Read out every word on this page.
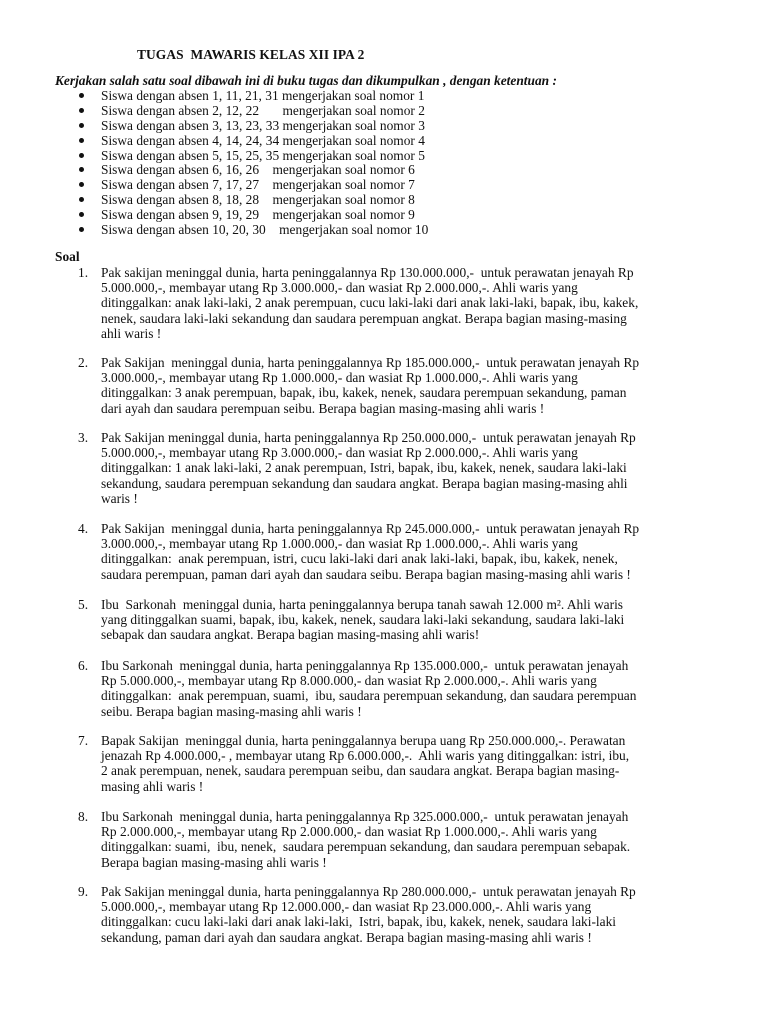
TUGAS  MAWARIS KELAS XII IPA 2
Kerjakan salah satu soal dibawah ini di buku tugas dan dikumpulkan , dengan ketentuan :
Siswa dengan absen 1, 11, 21, 31 mengerjakan soal nomor 1
Siswa dengan absen 2, 12, 22       mengerjakan soal nomor 2
Siswa dengan absen 3, 13, 23, 33 mengerjakan soal nomor 3
Siswa dengan absen 4, 14, 24, 34 mengerjakan soal nomor 4
Siswa dengan absen 5, 15, 25, 35 mengerjakan soal nomor 5
Siswa dengan absen 6, 16, 26    mengerjakan soal nomor 6
Siswa dengan absen 7, 17, 27    mengerjakan soal nomor 7
Siswa dengan absen 8, 18, 28    mengerjakan soal nomor 8
Siswa dengan absen 9, 19, 29    mengerjakan soal nomor 9
Siswa dengan absen 10, 20, 30    mengerjakan soal nomor 10
Soal
1. Pak sakijan meninggal dunia, harta peninggalannya Rp 130.000.000,-  untuk perawatan jenayah Rp
5.000.000,-, membayar utang Rp 3.000.000,- dan wasiat Rp 2.000.000,-. Ahli waris yang
ditinggalkan: anak laki-laki, 2 anak perempuan, cucu laki-laki dari anak laki-laki, bapak, ibu, kakek,
nenek, saudara laki-laki sekandung dan saudara perempuan angkat. Berapa bagian masing-masing
ahli waris !
2. Pak Sakijan  meninggal dunia, harta peninggalannya Rp 185.000.000,-  untuk perawatan jenayah Rp
3.000.000,-, membayar utang Rp 1.000.000,- dan wasiat Rp 1.000.000,-. Ahli waris yang
ditinggalkan: 3 anak perempuan, bapak, ibu, kakek, nenek, saudara perempuan sekandung, paman
dari ayah dan saudara perempuan seibu. Berapa bagian masing-masing ahli waris !
3. Pak Sakijan meninggal dunia, harta peninggalannya Rp 250.000.000,-  untuk perawatan jenayah Rp
5.000.000,-, membayar utang Rp 3.000.000,- dan wasiat Rp 2.000.000,-. Ahli waris yang
ditinggalkan: 1 anak laki-laki, 2 anak perempuan, Istri, bapak, ibu, kakek, nenek, saudara laki-laki
sekandung, saudara perempuan sekandung dan saudara angkat. Berapa bagian masing-masing ahli
waris !
4. Pak Sakijan  meninggal dunia, harta peninggalannya Rp 245.000.000,-  untuk perawatan jenayah Rp
3.000.000,-, membayar utang Rp 1.000.000,- dan wasiat Rp 1.000.000,-. Ahli waris yang
ditinggalkan:  anak perempuan, istri, cucu laki-laki dari anak laki-laki, bapak, ibu, kakek, nenek,
saudara perempuan, paman dari ayah dan saudara seibu. Berapa bagian masing-masing ahli waris !
5. Ibu  Sarkonah  meninggal dunia, harta peninggalannya berupa tanah sawah 12.000 m². Ahli waris
yang ditinggalkan suami, bapak, ibu, kakek, nenek, saudara laki-laki sekandung, saudara laki-laki
sebapak dan saudara angkat. Berapa bagian masing-masing ahli waris!
6. Ibu Sarkonah  meninggal dunia, harta peninggalannya Rp 135.000.000,-  untuk perawatan jenayah
Rp 5.000.000,-, membayar utang Rp 8.000.000,- dan wasiat Rp 2.000.000,-. Ahli waris yang
ditinggalkan:  anak perempuan, suami,  ibu, saudara perempuan sekandung, dan saudara perempuan
seibu. Berapa bagian masing-masing ahli waris !
7. Bapak Sakijan  meninggal dunia, harta peninggalannya berupa uang Rp 250.000.000,-. Perawatan
jenazah Rp 4.000.000,- , membayar utang Rp 6.000.000,-.  Ahli waris yang ditinggalkan: istri, ibu,
2 anak perempuan, nenek, saudara perempuan seibu, dan saudara angkat. Berapa bagian masing-
masing ahli waris !
8. Ibu Sarkonah  meninggal dunia, harta peninggalannya Rp 325.000.000,-  untuk perawatan jenayah
Rp 2.000.000,-, membayar utang Rp 2.000.000,- dan wasiat Rp 1.000.000,-. Ahli waris yang
ditinggalkan: suami,  ibu, nenek,  saudara perempuan sekandung, dan saudara perempuan sebapak.
Berapa bagian masing-masing ahli waris !
9. Pak Sakijan meninggal dunia, harta peninggalannya Rp 280.000.000,-  untuk perawatan jenayah Rp
5.000.000,-, membayar utang Rp 12.000.000,- dan wasiat Rp 23.000.000,-. Ahli waris yang
ditinggalkan: cucu laki-laki dari anak laki-laki,  Istri, bapak, ibu, kakek, nenek, saudara laki-laki
sekandung, paman dari ayah dan saudara angkat. Berapa bagian masing-masing ahli waris !
